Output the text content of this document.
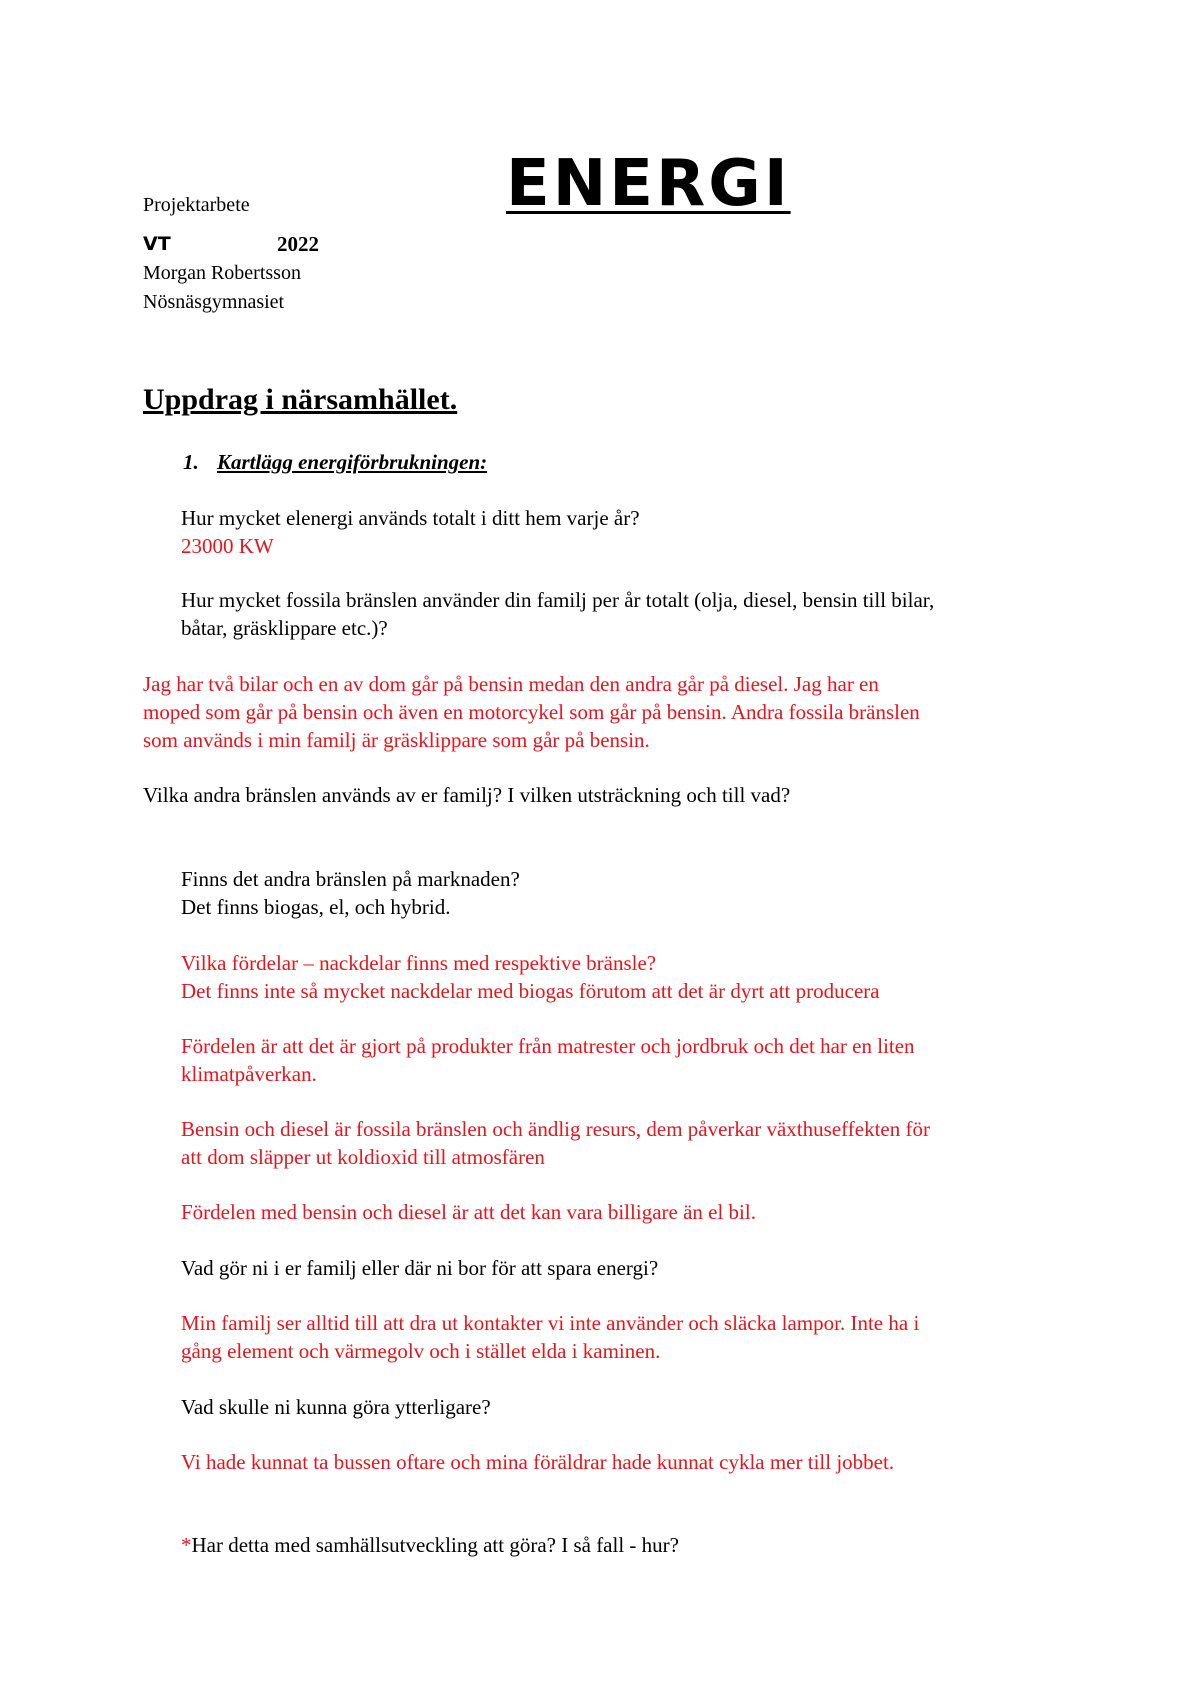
Projektarbete	ENERGI
VT	2022
Morgan Robertsson
Nösnäsgymnasiet
Uppdrag i närsamhället.
1. Kartlägg energiförbrukningen:
Hur mycket elenergi används totalt i ditt hem varje år?
23000 KW
Hur mycket fossila bränslen använder din familj per år totalt (olja, diesel, bensin till bilar,
båtar, gräsklippare etc.)?
Jag har två bilar och en av dom går på bensin medan den andra går på diesel. Jag har en
moped som går på bensin och även en motorcykel som går på bensin. Andra fossila bränslen
som används i min familj är gräsklippare som går på bensin.
Vilka andra bränslen används av er familj? I vilken utsträckning och till vad?
Finns det andra bränslen på marknaden?
Det finns biogas, el, och hybrid.
Vilka fördelar – nackdelar finns med respektive bränsle?
Det finns inte så mycket nackdelar med biogas förutom att det är dyrt att producera
Fördelen är att det är gjort på produkter från matrester och jordbruk och det har en liten
klimatpåverkan.
Bensin och diesel är fossila bränslen och ändlig resurs, dem påverkar växthuseffekten för
att dom släpper ut koldioxid till atmosfären
Fördelen med bensin och diesel är att det kan vara billigare än el bil.
Vad gör ni i er familj eller där ni bor för att spara energi?
Min familj ser alltid till att dra ut kontakter vi inte använder och släcka lampor. Inte ha i
gång element och värmegolv och i stället elda i kaminen.
Vad skulle ni kunna göra ytterligare?
Vi hade kunnat ta bussen oftare och mina föräldrar hade kunnat cykla mer till jobbet.
*Har detta med samhällsutveckling att göra? I så fall - hur?
